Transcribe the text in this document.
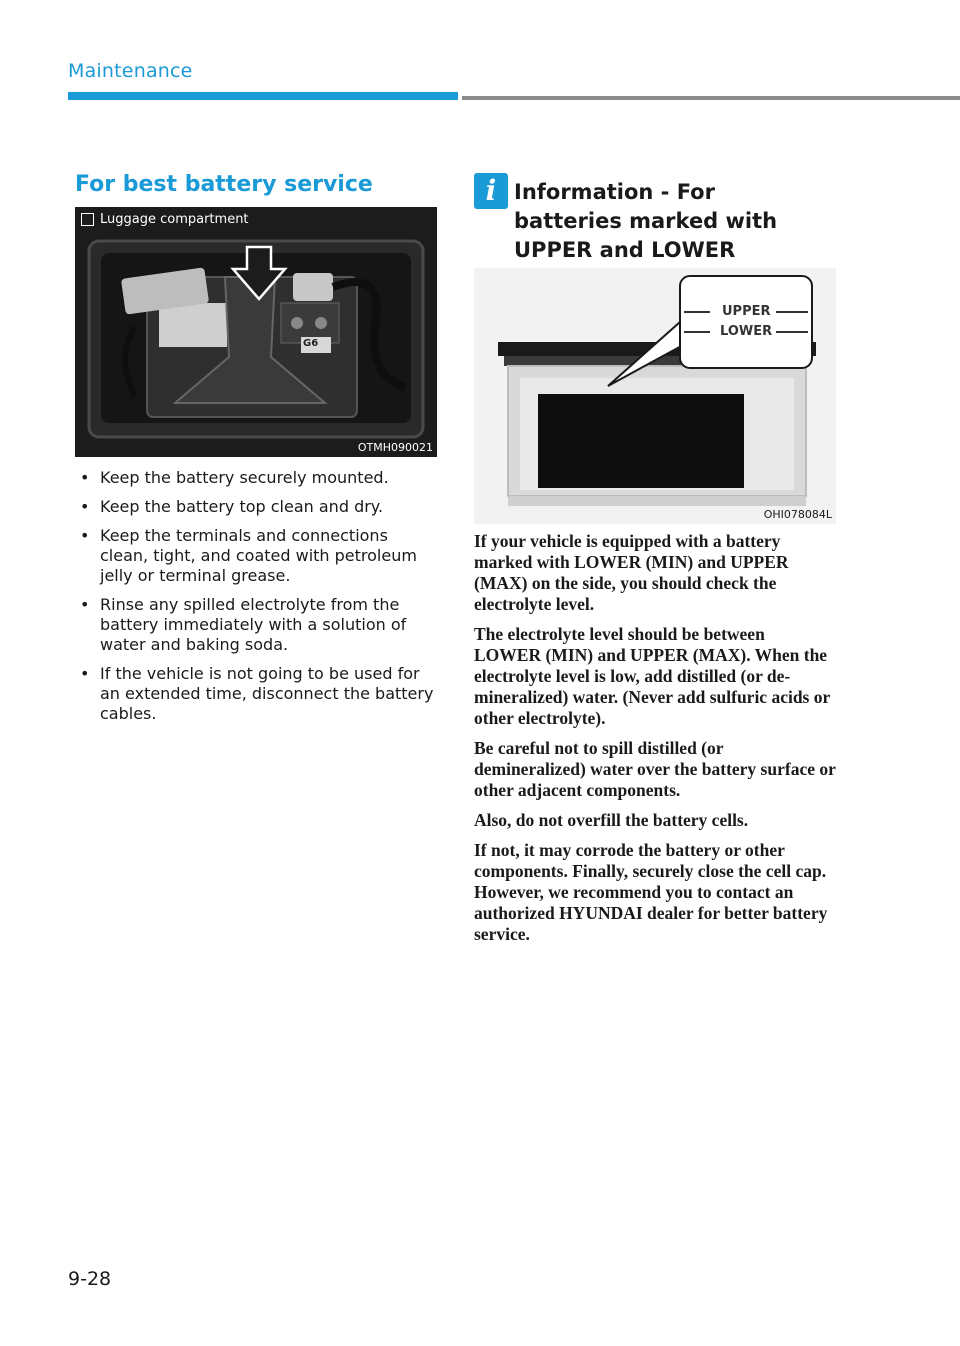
Maintenance
For best battery service
Luggage compartment
G6
OTMH090021
• Keep the battery securely mounted.
• Keep the battery top clean and dry.
• Keep the terminals and connections clean, tight, and coated with petroleum jelly or terminal grease.
• Rinse any spilled electrolyte from the battery immediately with a solution of water and baking soda.
• If the vehicle is not going to be used for an extended time, disconnect the battery cables.
i Information - For batteries marked with UPPER and LOWER
UPPER
LOWER
OHI078084L

If your vehicle is equipped with a battery marked with LOWER (MIN) and UPPER (MAX) on the side, you should check the electrolyte level.

The electrolyte level should be between LOWER (MIN) and UPPER (MAX). When the electrolyte level is low, add distilled (or de-mineralized) water. (Never add sulfuric acids or other electrolyte).

Be careful not to spill distilled (or demineralized) water over the battery surface or other adjacent components.

Also, do not overfill the battery cells.

If not, it may corrode the battery or other components. Finally, securely close the cell cap. However, we recommend you to contact an authorized HYUNDAI dealer for better battery service.

9-28
